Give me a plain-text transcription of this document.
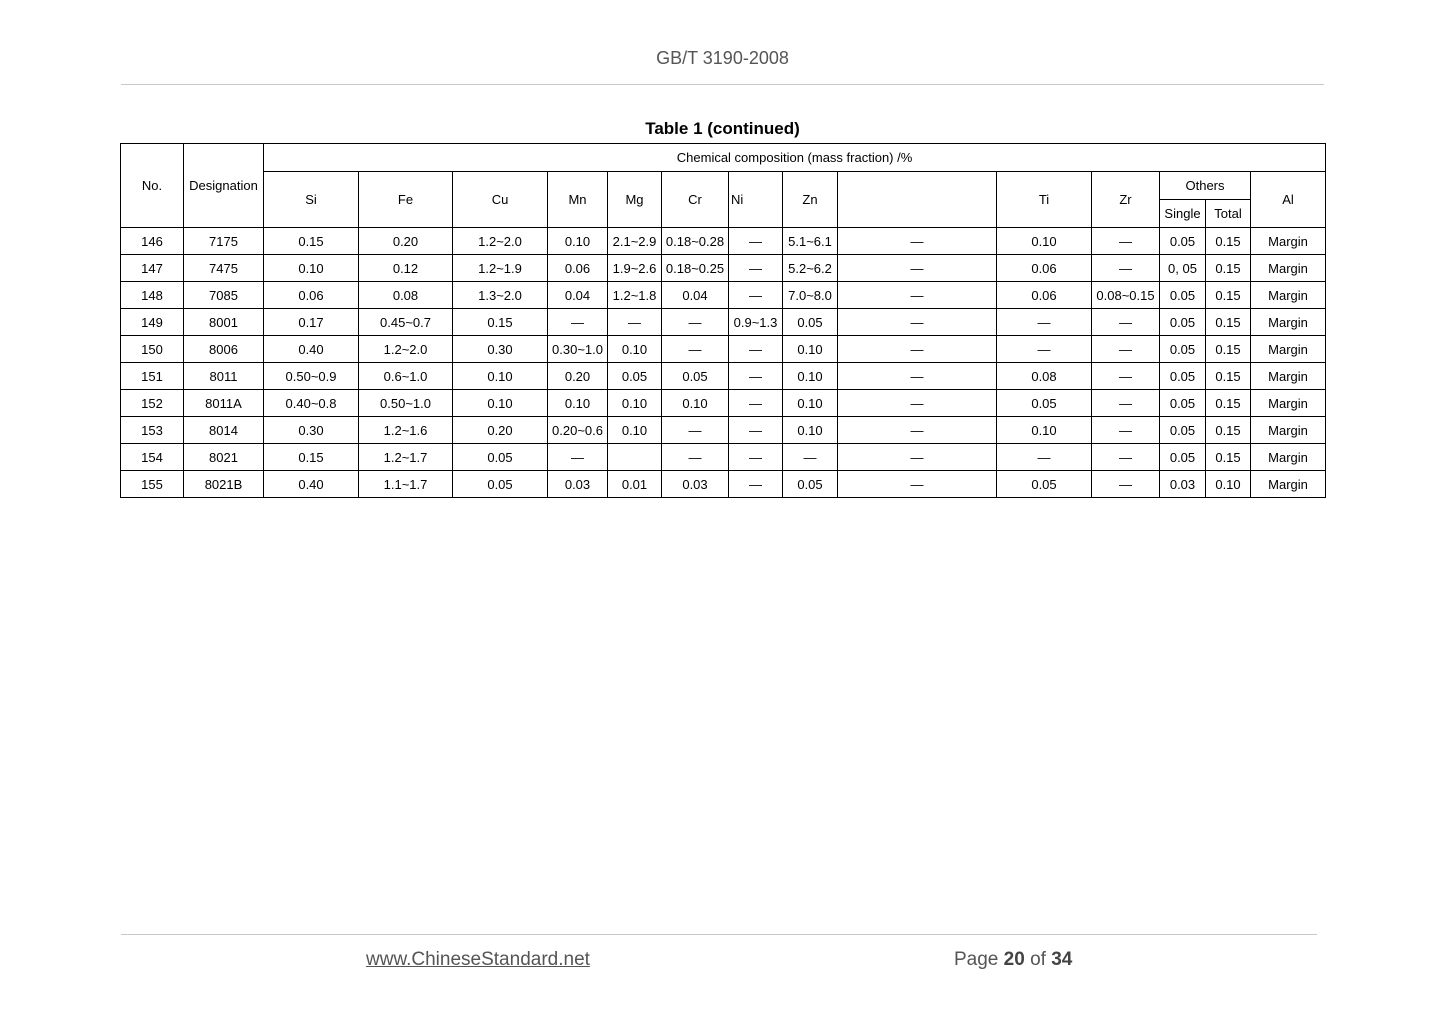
GB/T 3190-2008
Table 1 (continued)
No.	Designation	Chemical composition (mass fraction) /%													
		Si	Fe	Cu	Mn	Mg	Cr	Ni	Zn		Ti	Zr	Others		Al
													Single	Total	
146	7175	0.15	0.20	1.2~2.0	0.10	2.1~2.9	0.18~0.28	—	5.1~6.1	—	0.10	—	0.05	0.15	Margin
147	7475	0.10	0.12	1.2~1.9	0.06	1.9~2.6	0.18~0.25	—	5.2~6.2	—	0.06	—	0, 05	0.15	Margin
148	7085	0.06	0.08	1.3~2.0	0.04	1.2~1.8	0.04	—	7.0~8.0	—	0.06	0.08~0.15	0.05	0.15	Margin
149	8001	0.17	0.45~0.7	0.15	—	—	—	0.9~1.3	0.05	—	—	—	0.05	0.15	Margin
150	8006	0.40	1.2~2.0	0.30	0.30~1.0	0.10	—	—	0.10	—	—	—	0.05	0.15	Margin
151	8011	0.50~0.9	0.6~1.0	0.10	0.20	0.05	0.05	—	0.10	—	0.08	—	0.05	0.15	Margin
152	8011A	0.40~0.8	0.50~1.0	0.10	0.10	0.10	0.10	—	0.10	—	0.05	—	0.05	0.15	Margin
153	8014	0.30	1.2~1.6	0.20	0.20~0.6	0.10	—	—	0.10	—	0.10	—	0.05	0.15	Margin
154	8021	0.15	1.2~1.7	0.05	—		—	—	—	—	—	—	0.05	0.15	Margin
155	8021B	0.40	1.1~1.7	0.05	0.03	0.01	0.03	—	0.05	—	0.05	—	0.03	0.10	Margin
www.ChineseStandard.net	Page 20 of 34
